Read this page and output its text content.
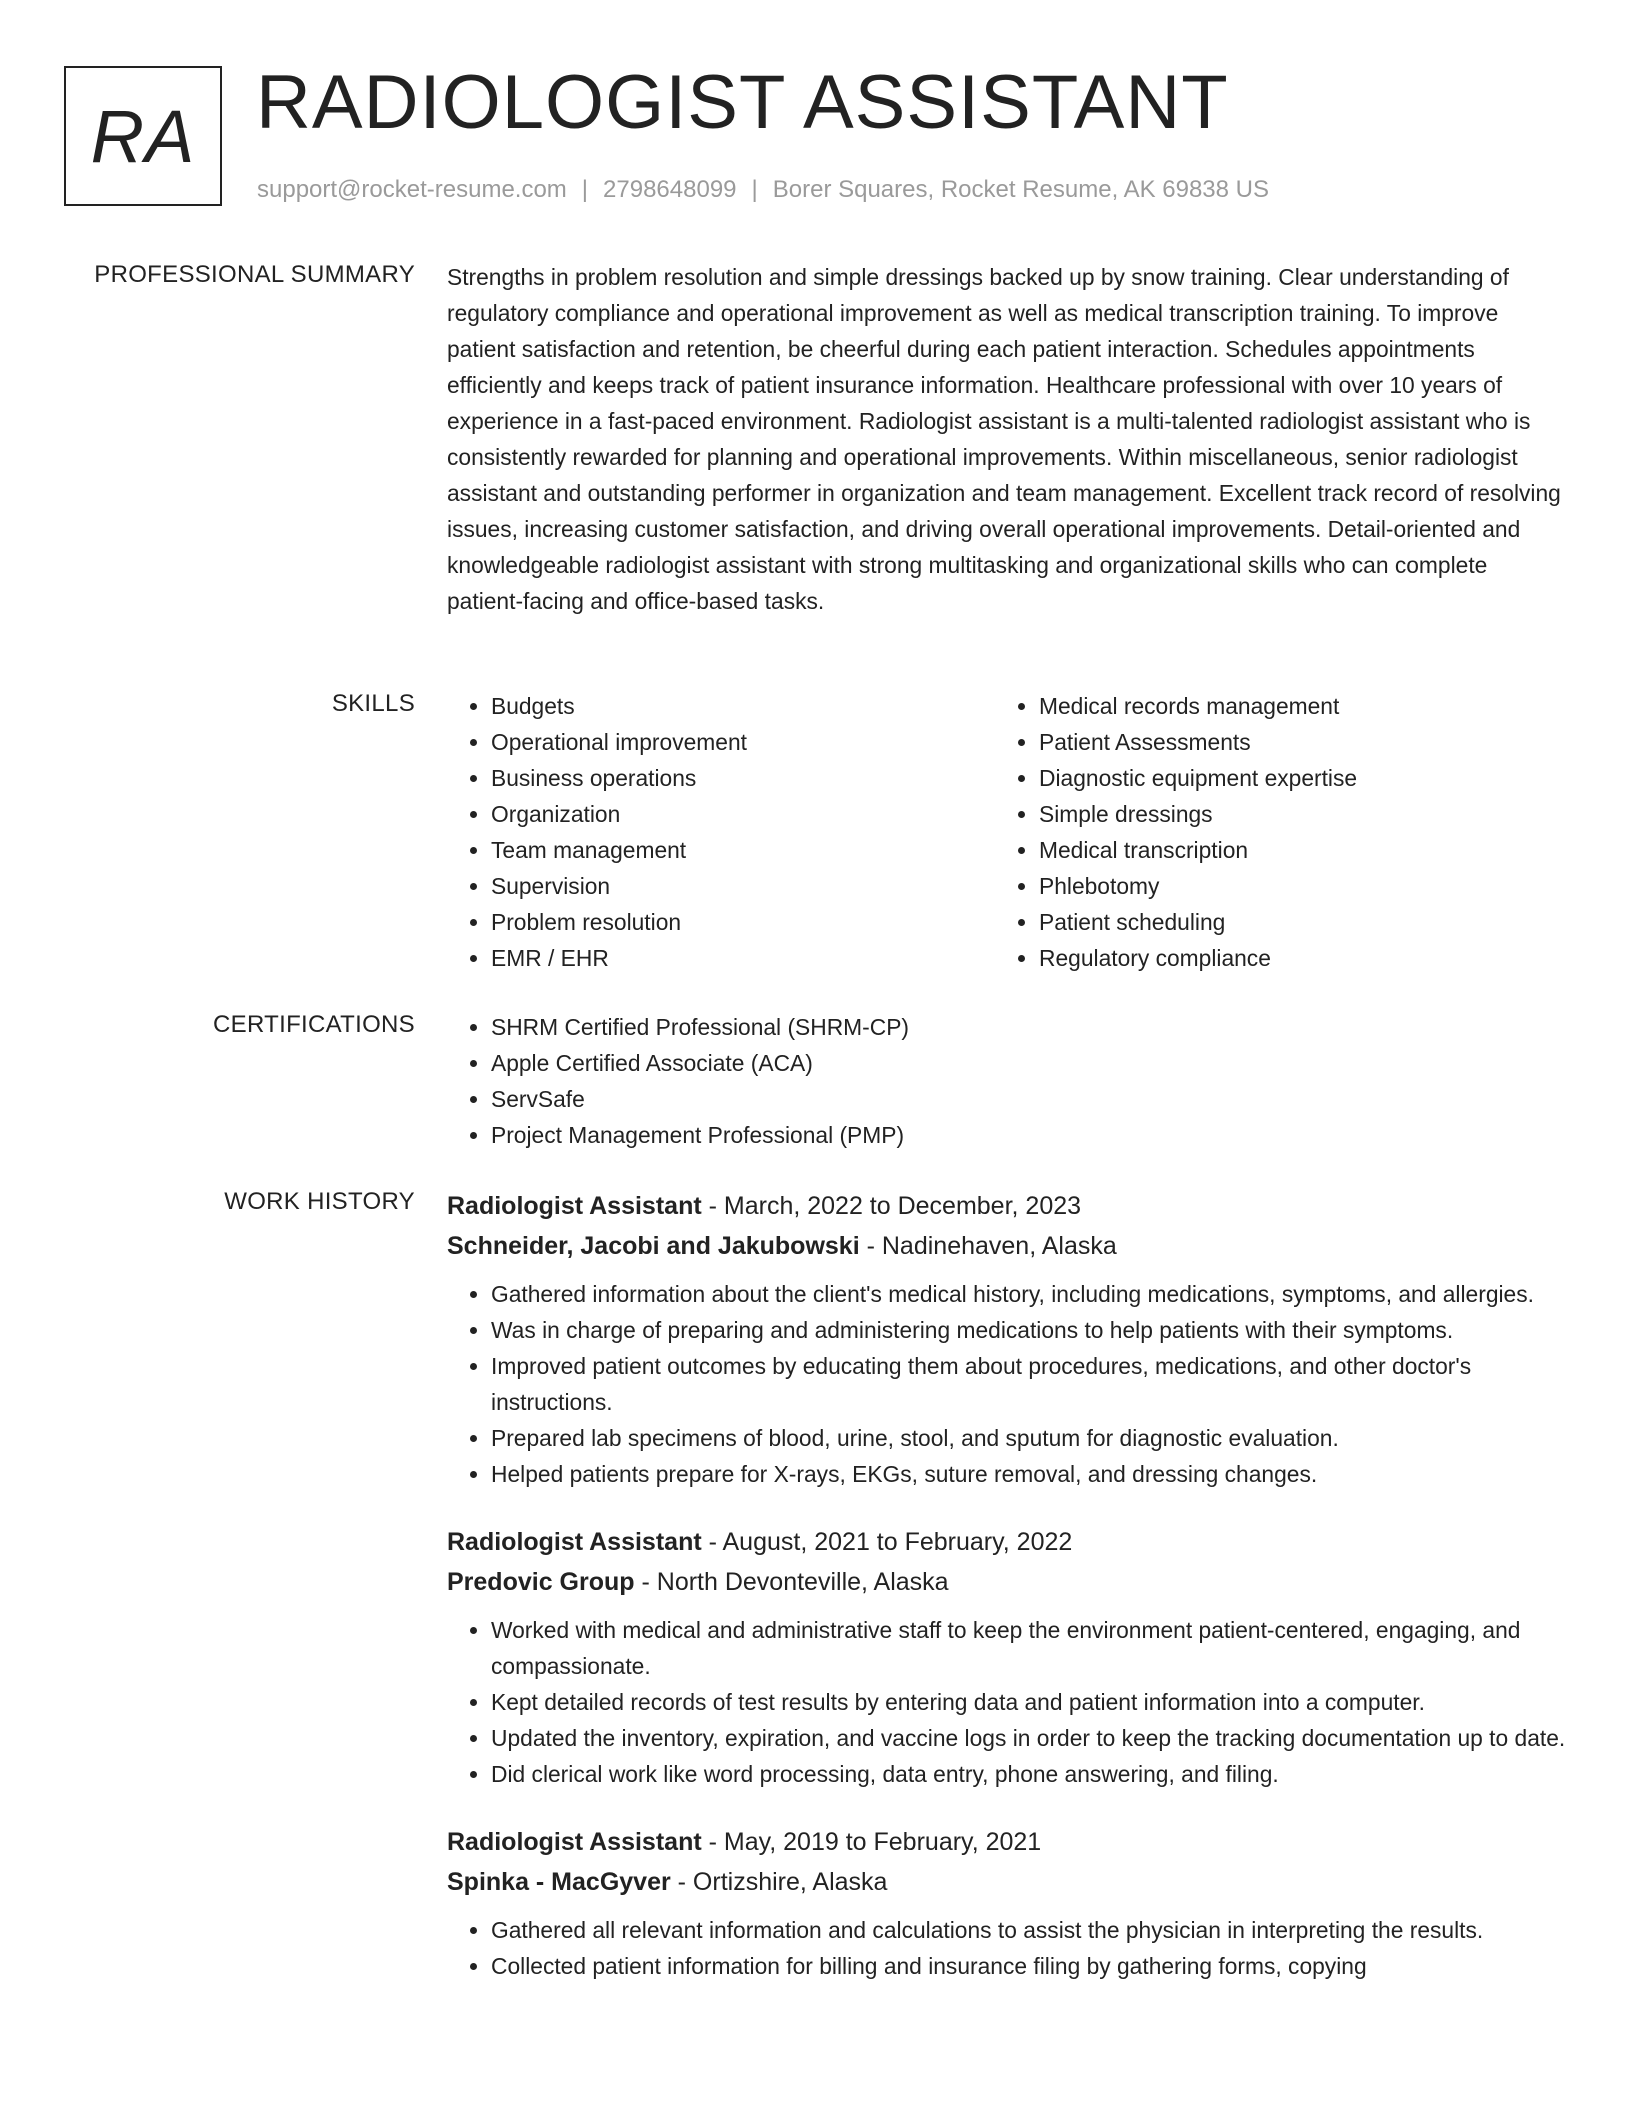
RA RADIOLOGIST ASSISTANT
support@rocket-resume.com | 2798648099 | Borer Squares, Rocket Resume, AK 69838 US
PROFESSIONAL SUMMARY Strengths in problem resolution and simple dressings backed up by snow training. Clear understanding of regulatory compliance and operational improvement as well as medical transcription training. To improve patient satisfaction and retention, be cheerful during each patient interaction. Schedules appointments efficiently and keeps track of patient insurance information. Healthcare professional with over 10 years of experience in a fast-paced environment. Radiologist assistant is a multi-talented radiologist assistant who is consistently rewarded for planning and operational improvements. Within miscellaneous, senior radiologist assistant and outstanding performer in organization and team management. Excellent track record of resolving issues, increasing customer satisfaction, and driving overall operational improvements. Detail-oriented and knowledgeable radiologist assistant with strong multitasking and organizational skills who can complete patient-facing and office-based tasks.
SKILLS	• Budgets
• Operational improvement
• Business operations
• Organization
• Team management
• Supervision
• Problem resolution
• EMR / EHR
• Medical records management
• Patient Assessments
• Diagnostic equipment expertise
• Simple dressings
• Medical transcription
• Phlebotomy
• Patient scheduling
• Regulatory compliance
CERTIFICATIONS	• SHRM Certified Professional (SHRM-CP)
• Apple Certified Associate (ACA)
• ServSafe
• Project Management Professional (PMP)
WORK HISTORY Radiologist Assistant - March, 2022 to December, 2023
Schneider, Jacobi and Jakubowski - Nadinehaven, Alaska
• Gathered information about the client's medical history, including medications, symptoms, and allergies.
• Was in charge of preparing and administering medications to help patients with their symptoms.
• Improved patient outcomes by educating them about procedures, medications, and other doctor's instructions.
• Prepared lab specimens of blood, urine, stool, and sputum for diagnostic evaluation.
• Helped patients prepare for X-rays, EKGs, suture removal, and dressing changes.
Radiologist Assistant - August, 2021 to February, 2022
Predovic Group - North Devonteville, Alaska
• Worked with medical and administrative staff to keep the environment patient-centered, engaging, and compassionate.
• Kept detailed records of test results by entering data and patient information into a computer.
• Updated the inventory, expiration, and vaccine logs in order to keep the tracking documentation up to date.
• Did clerical work like word processing, data entry, phone answering, and filing.
Radiologist Assistant - May, 2019 to February, 2021
Spinka - MacGyver - Ortizshire, Alaska
• Gathered all relevant information and calculations to assist the physician in interpreting the results.
• Collected patient information for billing and insurance filing by gathering forms, copying
